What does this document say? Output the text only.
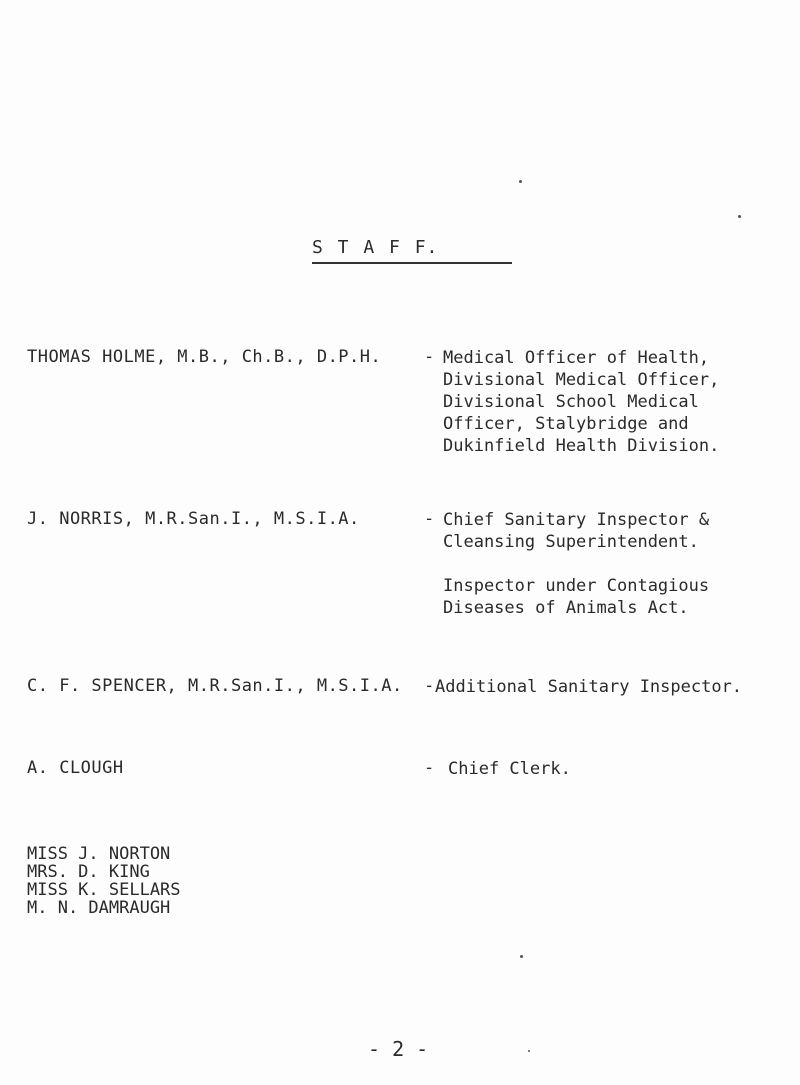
S T A F F.
THOMAS HOLME, M.B., Ch.B., D.P.H.	- Medical Officer of Health,
Divisional Medical Officer,
Divisional School Medical
Officer, Stalybridge and
Dukinfield Health Division.
J. NORRIS, M.R.San.I., M.S.I.A.	- Chief Sanitary Inspector &
Cleansing Superintendent.
Inspector under Contagious
Diseases of Animals Act.
C. F. SPENCER, M.R.San.I., M.S.I.A. - Additional Sanitary Inspector.
A. CLOUGH	- Chief Clerk.
MISS J. NORTON
MRS. D. KING
MISS K. SELLARS
M. N. DAMRAUGH
- 2 -
